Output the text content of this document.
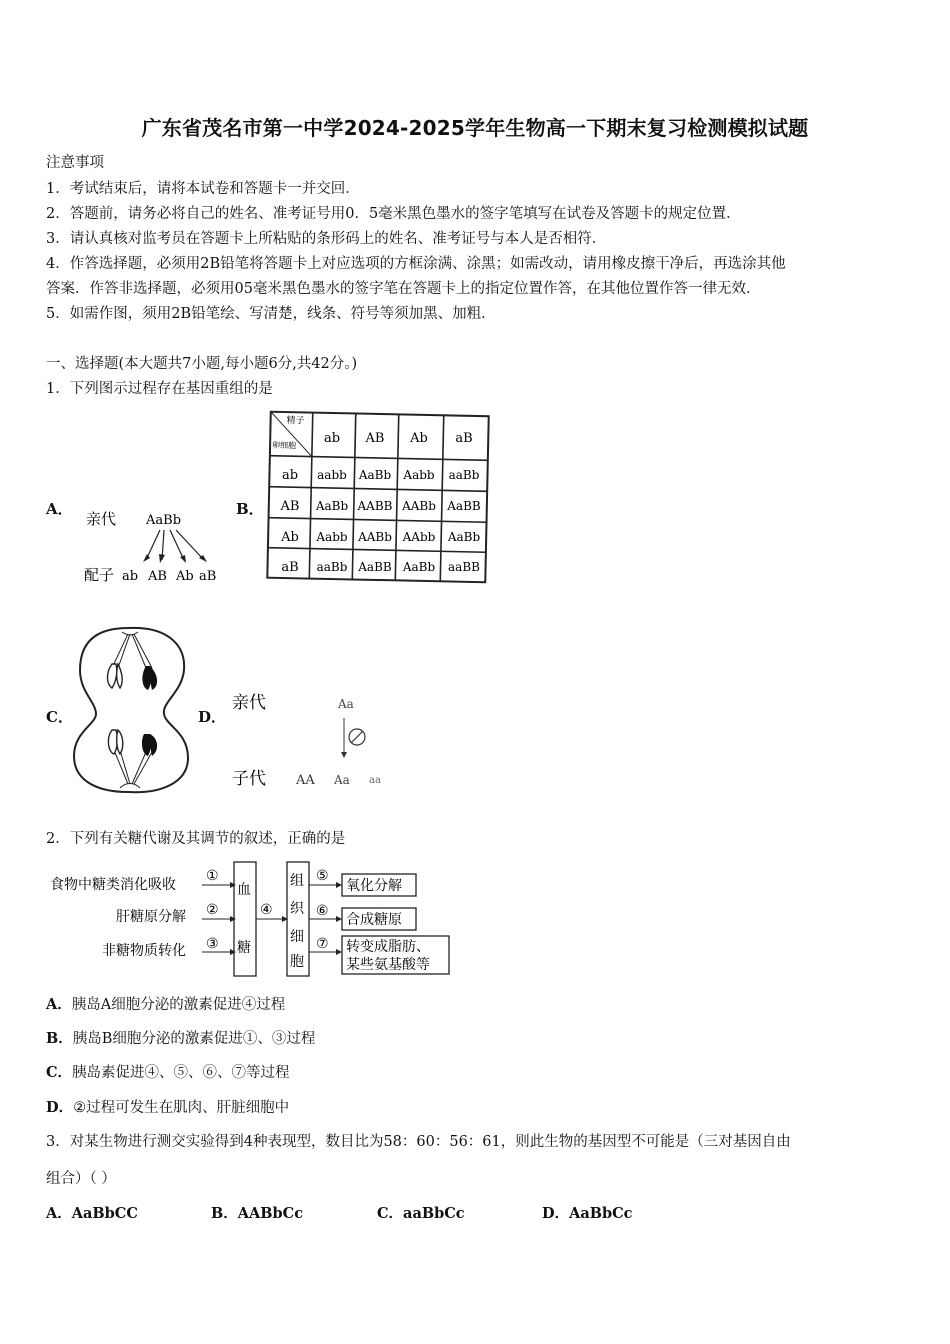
广东省茂名市第一中学2024-2025学年生物高一下期末复习检测模拟试题
注意事项
1．考试结束后，请将本试卷和答题卡一并交回．
2．答题前，请务必将自己的姓名、准考证号用0．5毫米黑色墨水的签字笔填写在试卷及答题卡的规定位置．
3．请认真核对监考员在答题卡上所粘贴的条形码上的姓名、准考证号与本人是否相符．
4．作答选择题，必须用2B铅笔将答题卡上对应选项的方框涂满、涂黑；如需改动，请用橡皮擦干净后，再选涂其他
答案．作答非选择题，必须用05毫米黑色墨水的签字笔在答题卡上的指定位置作答，在其他位置作答一律无效．
5．如需作图，须用2B铅笔绘、写清楚，线条、符号等须加黑、加粗．
一、选择题(本大题共7小题,每小题6分,共42分。)
1．下列图示过程存在基因重组的是
A．	B．
C．	D．
亲代 AaBb
配子 ab AB Ab aB
精子
卵细胞 ab AB Ab aB
ab aabb AaBb Aabb aaBb
AB AaBb AABB AABb AaBB
Ab Aabb AABb AAbb AaBb
aB aaBb AaBB AaBb aaBB
亲代	Aa
子代 AA Aa aa
2．下列有关糖代谢及其调节的叙述，正确的是
食物中糖类消化吸收
肝糖原分解
非糖物质转化
①
②
③
血
糖
④
组
织
细
胞
⑤
⑥
⑦
氧化分解
合成糖原
转变成脂肪、
某些氨基酸等
A．胰岛A细胞分泌的激素促进④过程
B．胰岛B细胞分泌的激素促进①、③过程
C．胰岛素促进④、⑤、⑥、⑦等过程
D．②过程可发生在肌肉、肝脏细胞中
3．对某生物进行测交实验得到4种表现型，数目比为58：60：56：61，则此生物的基因型不可能是（三对基因自由
组合）（ ）
A．AaBbCC	B．AABbCc	C．aaBbCc	D．AaBbCc
